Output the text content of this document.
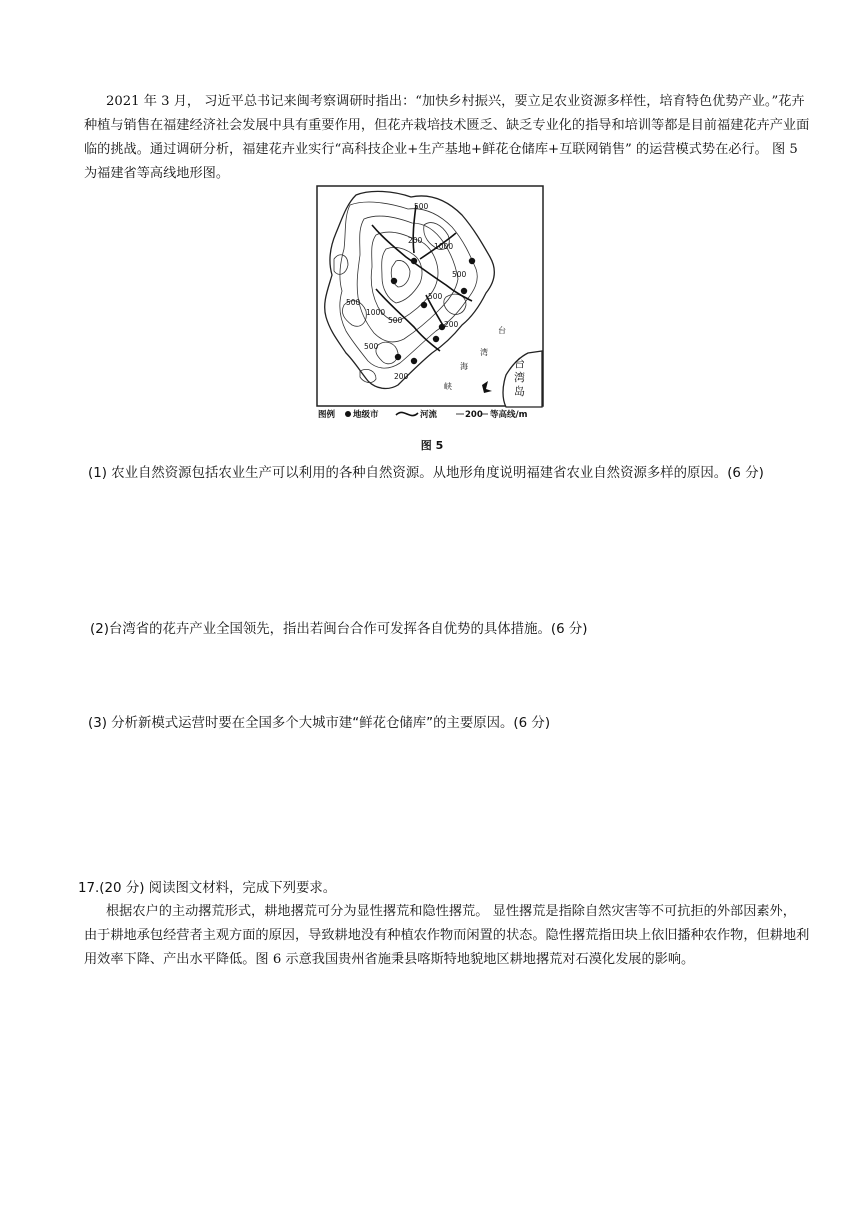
2021 年 3 月， 习近平总书记来闽考察调研时指出：“加快乡村振兴，要立足农业资源多样性，培育特色优势产业。”花卉种植与销售在福建经济社会发展中具有重要作用，但花卉栽培技术匮乏、缺乏专业化的指导和培训等都是目前福建花卉产业面临的挑战。通过调研分析，福建花卉业实行“高科技企业+生产基地+鲜花仓储库+互联网销售” 的运营模式势在必行。 图 5 为福建省等高线地形图。

500
200
1000
500
500
500
1000
500	200
500
200
台
湾
海
峡
台
湾
岛
图例 地级市	河流	200 等高线/m
图 5

(1) 农业自然资源包括农业生产可以利用的各种自然资源。从地形角度说明福建省农业自然资源多样的原因。(6 分)

(2)台湾省的花卉产业全国领先，指出若闽台合作可发挥各自优势的具体措施。(6 分)

(3) 分析新模式运营时要在全国多个大城市建“鲜花仓储库”的主要原因。(6 分)

17.(20 分) 阅读图文材料，完成下列要求。

根据农户的主动撂荒形式，耕地撂荒可分为显性撂荒和隐性撂荒。 显性撂荒是指除自然灾害等不可抗拒的外部因素外， 由于耕地承包经营者主观方面的原因，导致耕地没有种植农作物而闲置的状态。隐性撂荒指田块上依旧播种农作物，但耕地利用效率下降、产出水平降低。图 6 示意我国贵州省施秉县喀斯特地貌地区耕地撂荒对石漠化发展的影响。
